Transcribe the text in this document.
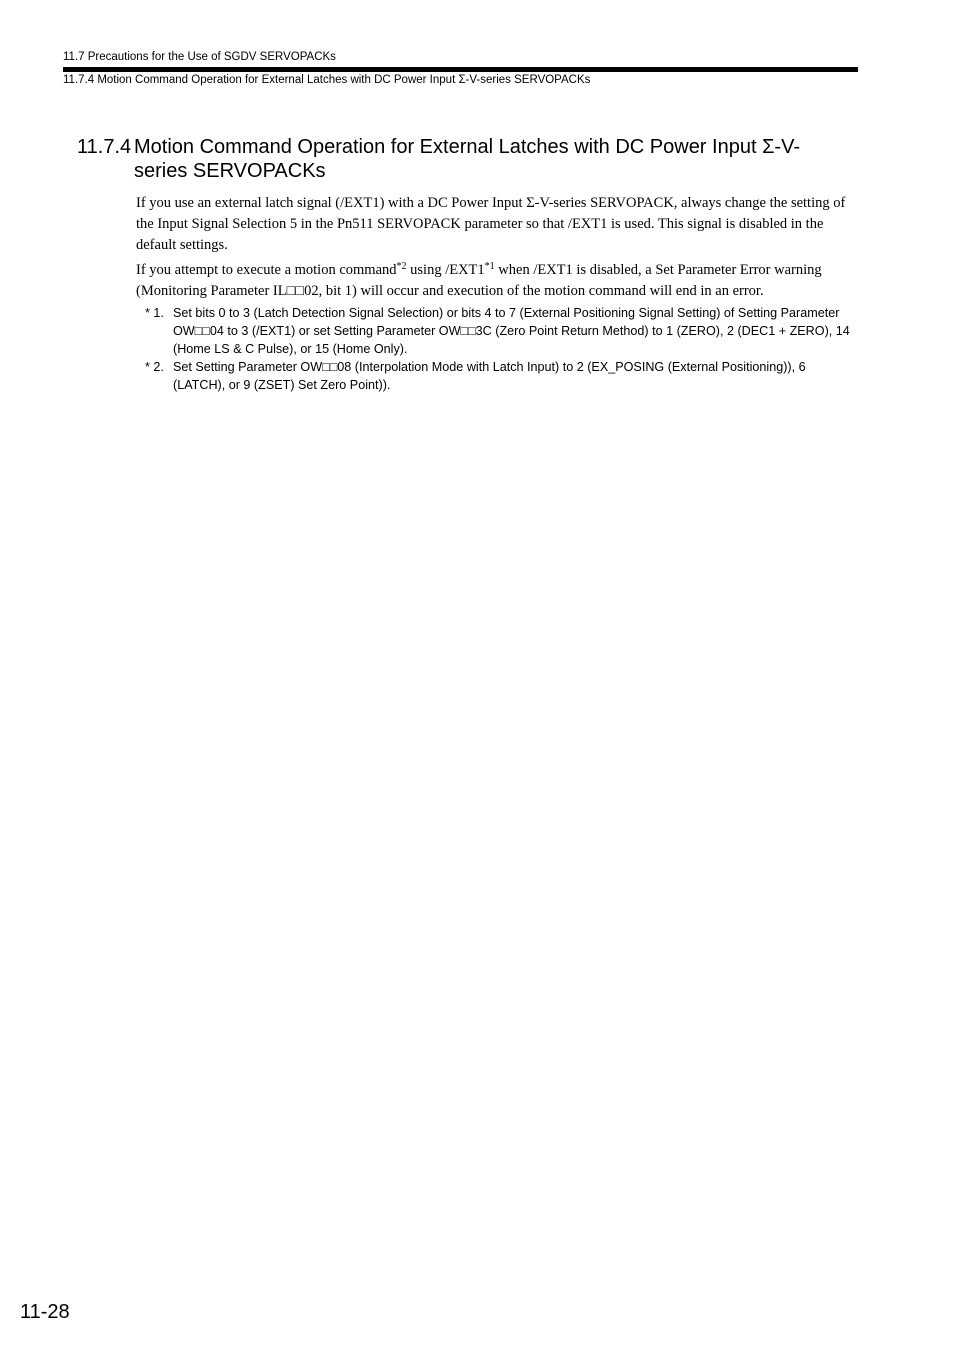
11.7 Precautions for the Use of SGDV SERVOPACKs
11.7.4 Motion Command Operation for External Latches with DC Power Input Σ-V-series SERVOPACKs
11.7.4 Motion Command Operation for External Latches with DC Power Input Σ-V-
series SERVOPACKs

If you use an external latch signal (/EXT1) with a DC Power Input Σ-V-series SERVOPACK, always change the setting of the Input Signal Selection 5 in the Pn511 SERVOPACK parameter so that /EXT1 is used. This signal is disabled in the default settings.

If you attempt to execute a motion command$^{*2}$ using /EXT1$^{*1}$ when /EXT1 is disabled, a Set Parameter Error warning (Monitoring Parameter IL□□02, bit 1) will occur and execution of the motion command will end in an error.

* 1. Set bits 0 to 3 (Latch Detection Signal Selection) or bits 4 to 7 (External Positioning Signal Setting) of Setting Parameter OW□□04 to 3 (/EXT1) or set Setting Parameter OW□□3C (Zero Point Return Method) to 1 (ZERO), 2 (DEC1 + ZERO), 14 (Home LS & C Pulse), or 15 (Home Only).
* 2. Set Setting Parameter OW□□08 (Interpolation Mode with Latch Input) to 2 (EX_POSING (External Positioning)), 6 (LATCH), or 9 (ZSET) Set Zero Point)).
11-28
